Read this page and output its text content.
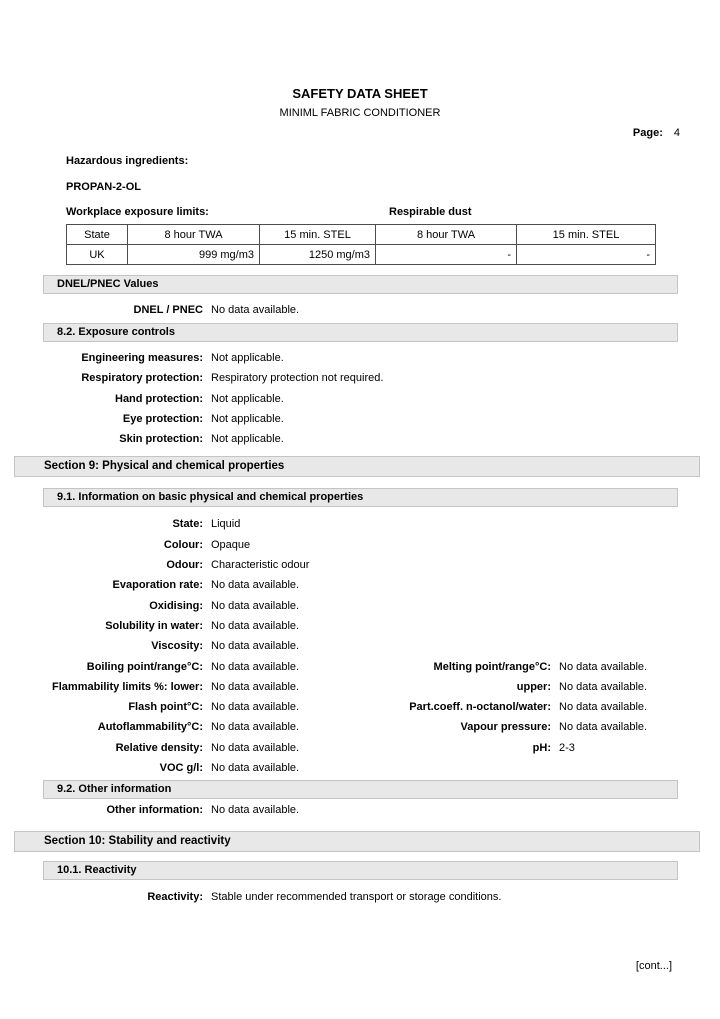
SAFETY DATA SHEET
MINIML FABRIC CONDITIONER
Page: 4
Hazardous ingredients:
PROPAN-2-OL
Workplace exposure limits:	Respirable dust
State	8 hour TWA	15 min. STEL	8 hour TWA	15 min. STEL
UK	999 mg/m3	1250 mg/m3	-	-
DNEL/PNEC Values
DNEL / PNEC No data available.
8.2. Exposure controls
Engineering measures: Not applicable.
Respiratory protection: Respiratory protection not required.
Hand protection: Not applicable.
Eye protection: Not applicable.
Skin protection: Not applicable.
Section 9: Physical and chemical properties
9.1. Information on basic physical and chemical properties
State: Liquid
Colour: Opaque
Odour: Characteristic odour
Evaporation rate: No data available.
Oxidising: No data available.
Solubility in water: No data available.
Viscosity: No data available.
Boiling point/range°C: No data available.	Melting point/range°C: No data available.
Flammability limits %: lower: No data available.	upper: No data available.
Flash point°C: No data available.	Part.coeff. n-octanol/water: No data available.
Autoflammability°C: No data available.	Vapour pressure: No data available.
Relative density: No data available.	pH: 2-3
VOC g/l: No data available.
9.2. Other information
Other information: No data available.
Section 10: Stability and reactivity
10.1. Reactivity
Reactivity: Stable under recommended transport or storage conditions.
[cont...]
